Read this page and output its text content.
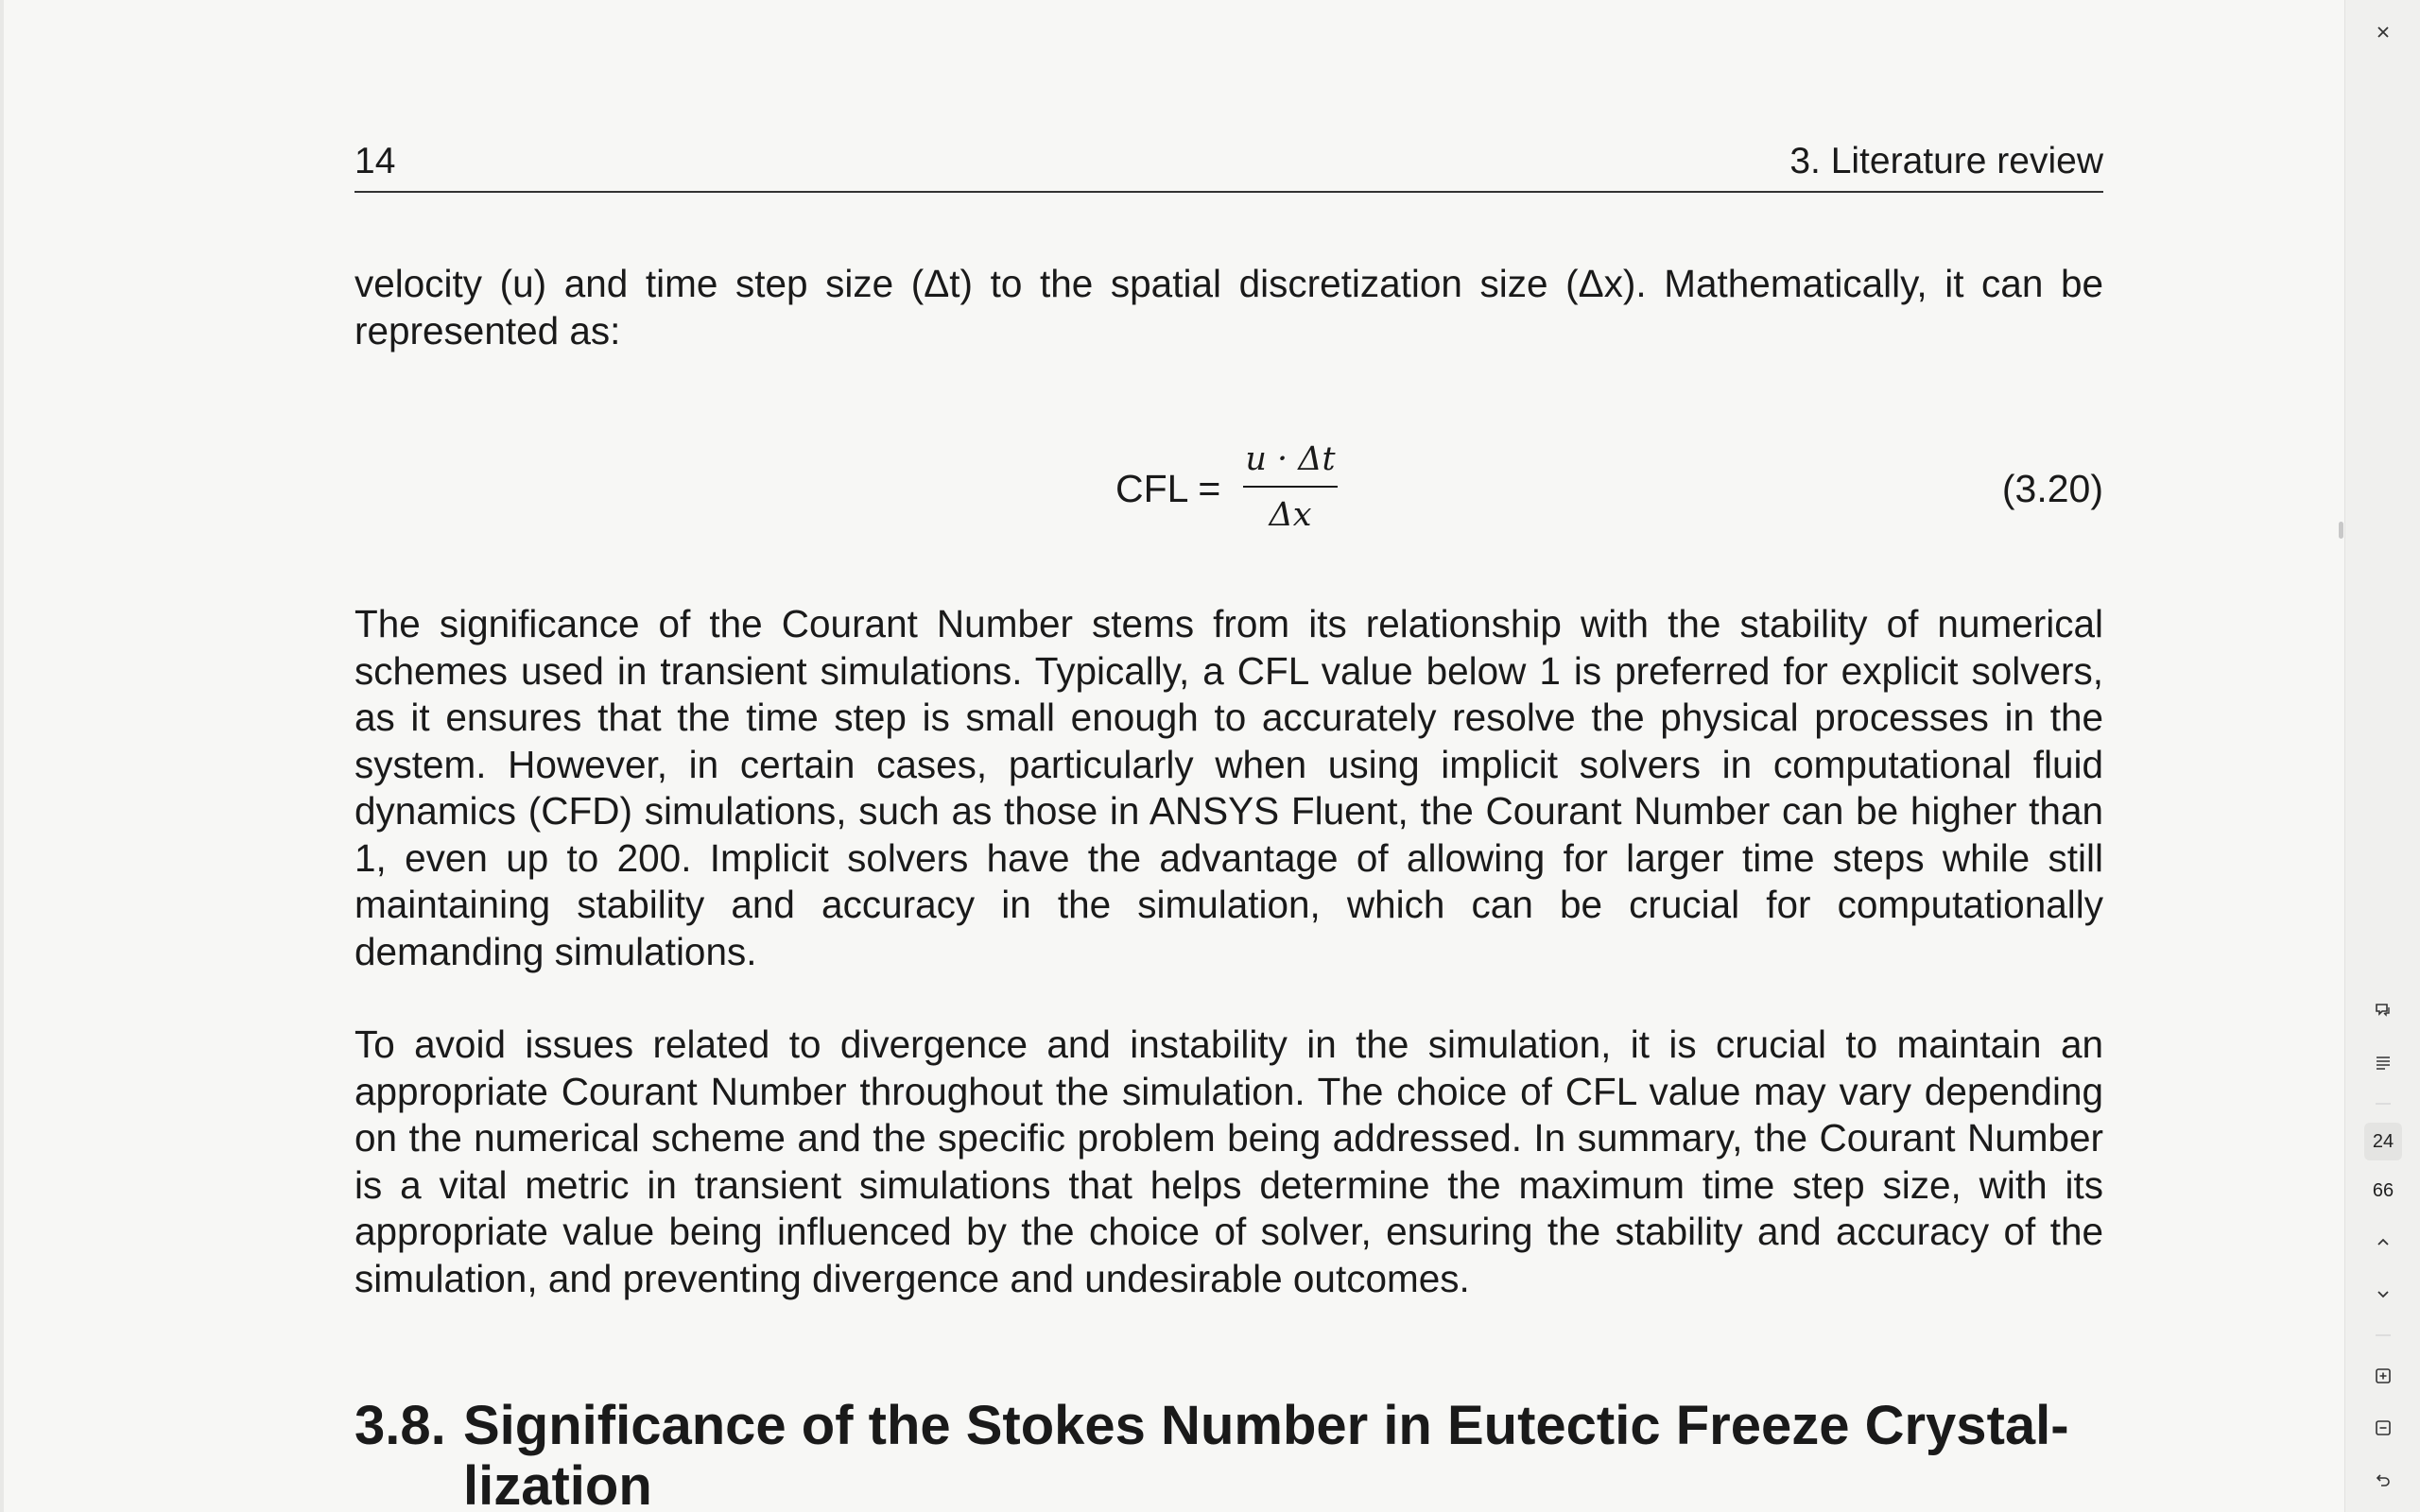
14	3. Literature review

velocity (u) and time step size (Δt) to the spatial discretization size (Δx). Mathematically, it can be represented as:

CFL =
u · Δt
Δx
(3.20)

The significance of the Courant Number stems from its relationship with the stability of numerical schemes used in transient simulations. Typically, a CFL value below 1 is preferred for explicit solvers, as it ensures that the time step is small enough to accurately resolve the physical processes in the system. However, in certain cases, particularly when using implicit solvers in computational fluid dynamics (CFD) simulations, such as those in ANSYS Fluent, the Courant Number can be higher than 1, even up to 200. Implicit solvers have the advantage of allowing for larger time steps while still maintaining stability and accuracy in the simulation, which can be crucial for computationally demanding simulations.

To avoid issues related to divergence and instability in the simulation, it is crucial to maintain an appropriate Courant Number throughout the simulation. The choice of CFL value may vary depending on the numerical scheme and the specific problem being addressed. In summary, the Courant Number is a vital metric in transient simulations that helps determine the maximum time step size, with its appropriate value being influenced by the choice of solver, ensuring the stability and accuracy of the simulation, and preventing divergence and undesirable outcomes.

3.8. Significance of the Stokes Number in Eutectic Freeze Crystal-
lization
24
66
